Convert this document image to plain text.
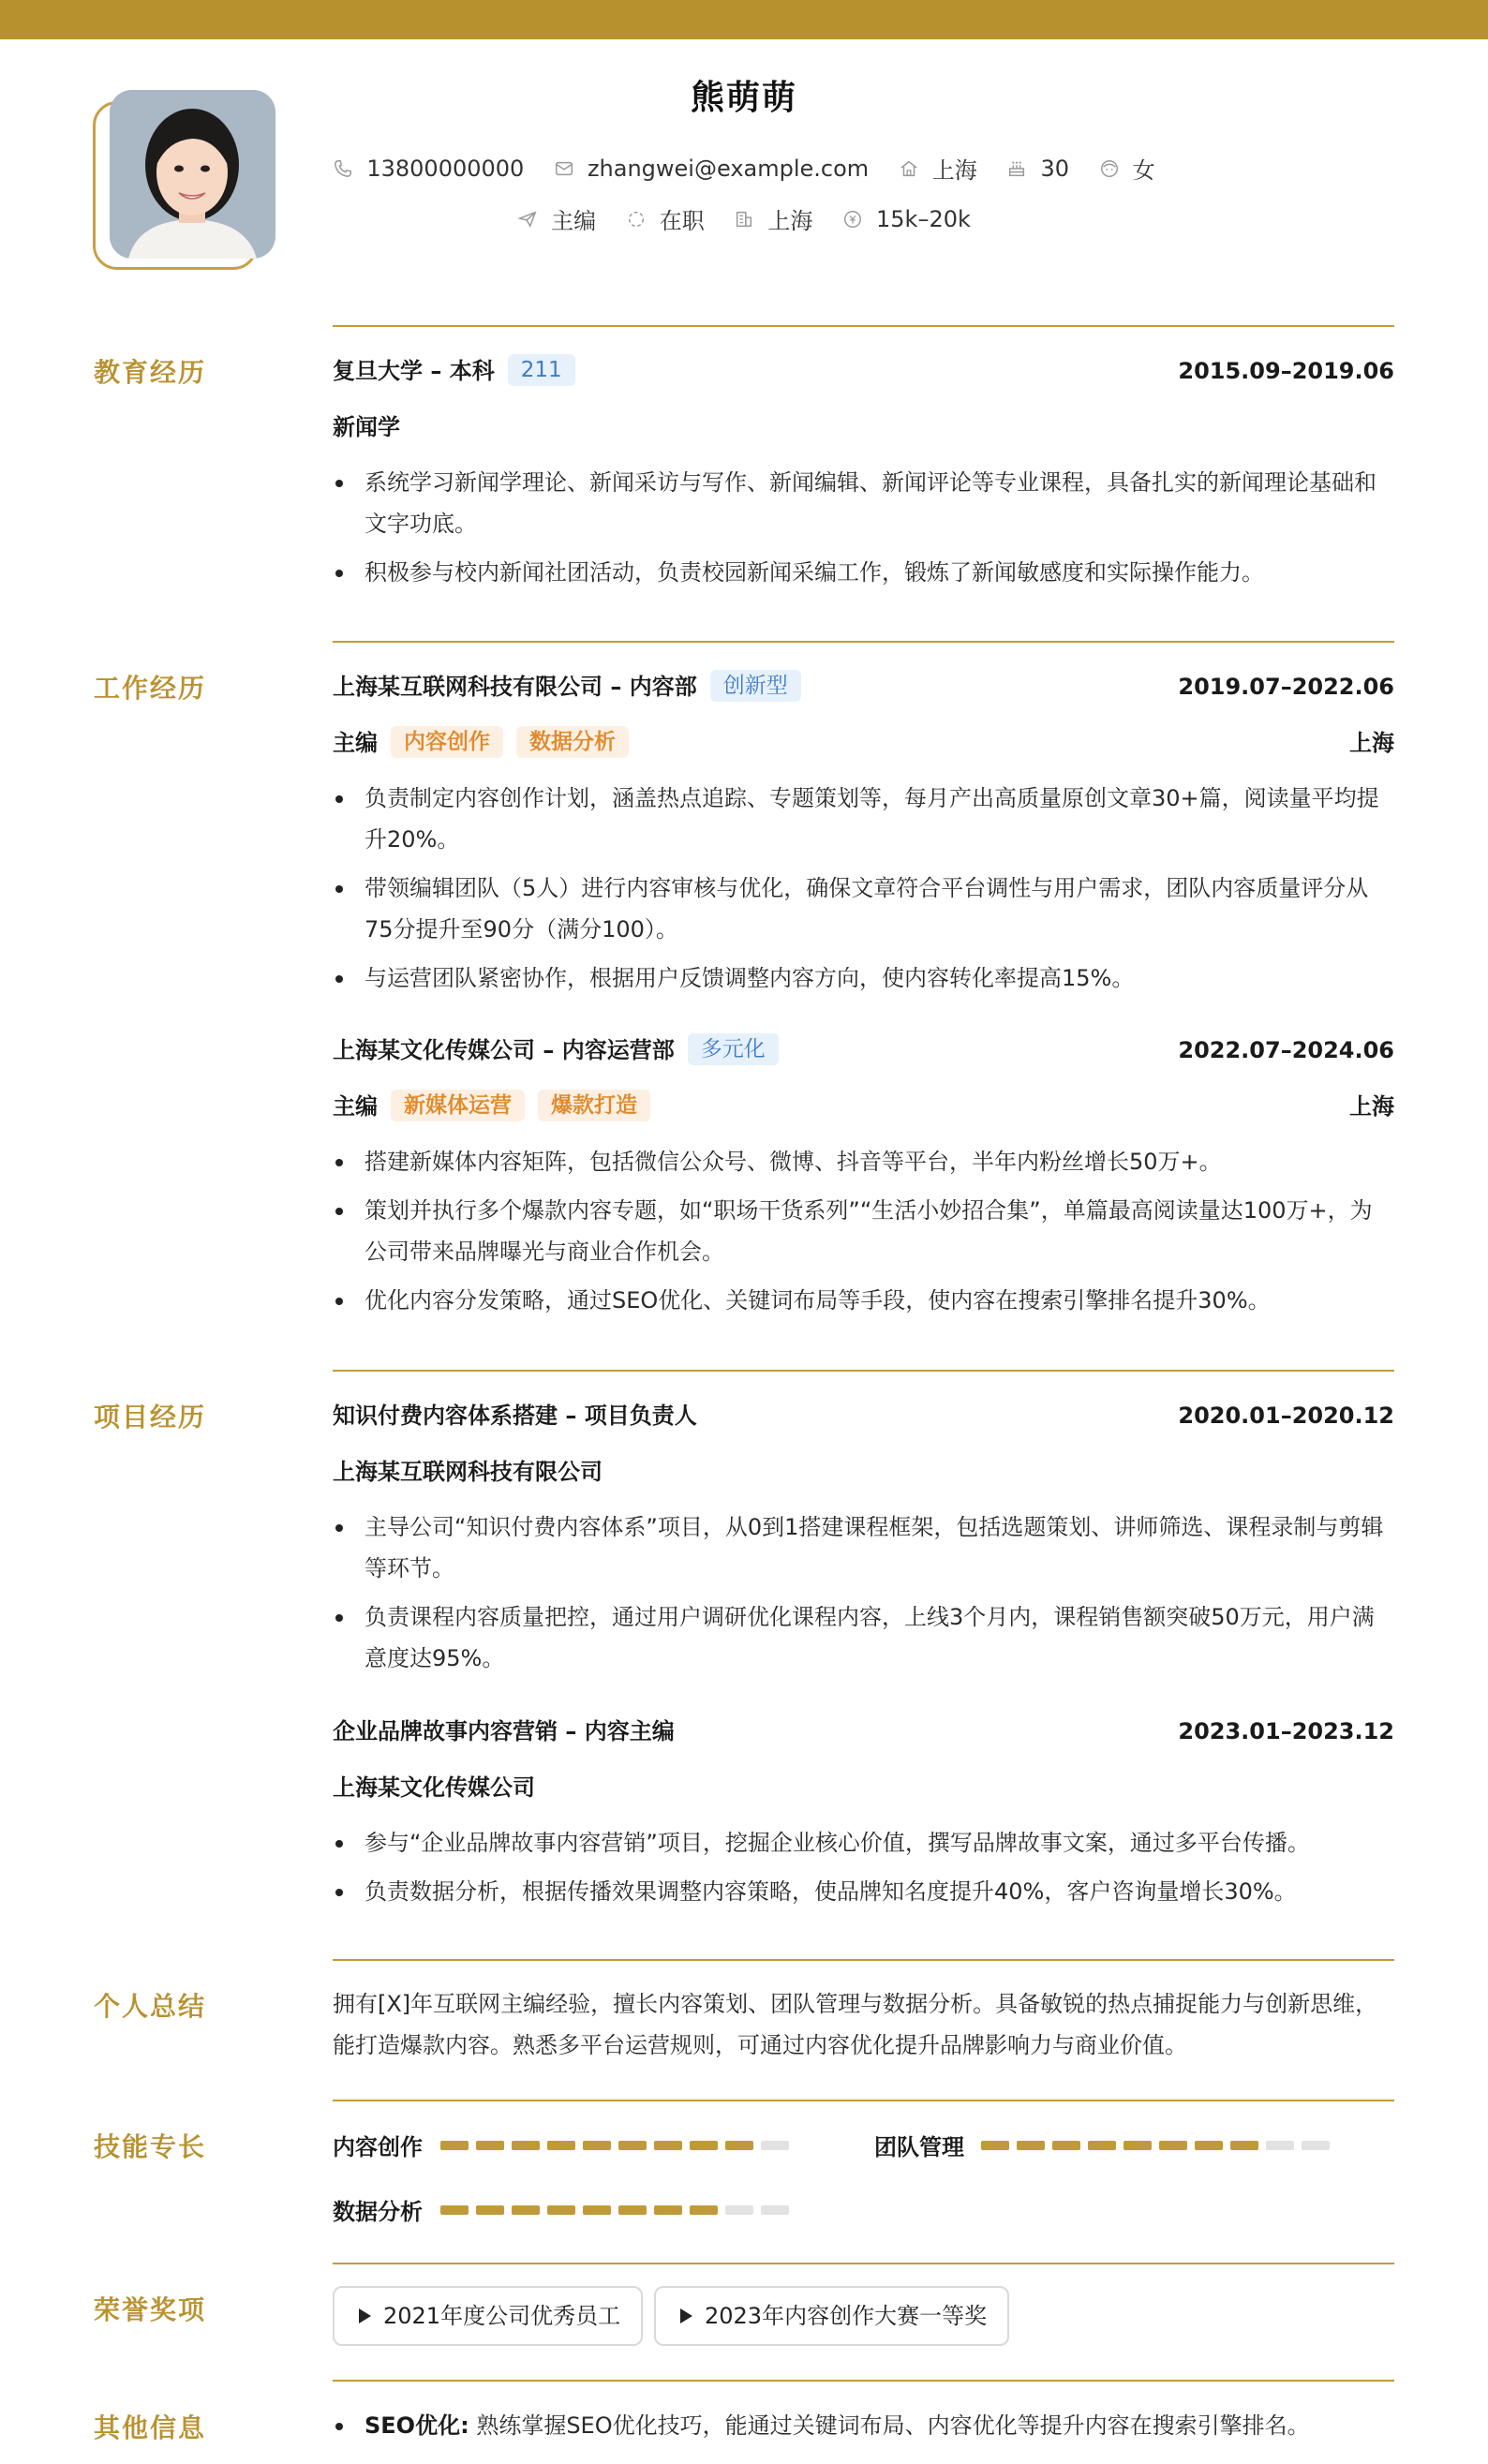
熊萌萌
13800000000
	zhangwei@example.com
	上海
	30
	女
主编
	在职
	上海
	15k–20k
教育经历	复旦大学 – 本科 211	2015.09–2019.06
新闻学
系统学习新闻学理论、新闻采访与写作、新闻编辑、新闻评论等专业课程，具备扎实的新闻理论基础和文字功底。
积极参与校内新闻社团活动，负责校园新闻采编工作，锻炼了新闻敏感度和实际操作能力。
工作经历	上海某互联网科技有限公司 – 内容部 创新型	2019.07–2022.06
主编 内容创作 数据分析	上海
负责制定内容创作计划，涵盖热点追踪、专题策划等，每月产出高质量原创文章30+篇，阅读量平均提升20%。
带领编辑团队（5人）进行内容审核与优化，确保文章符合平台调性与用户需求，团队内容质量评分从75分提升至90分（满分100）。
与运营团队紧密协作，根据用户反馈调整内容方向，使内容转化率提高15%。
上海某文化传媒公司 – 内容运营部 多元化	2022.07–2024.06
主编 新媒体运营 爆款打造	上海
搭建新媒体内容矩阵，包括微信公众号、微博、抖音等平台，半年内粉丝增长50万+。
策划并执行多个爆款内容专题，如“职场干货系列”“生活小妙招合集”，单篇最高阅读量达100万+，为公司带来品牌曝光与商业合作机会。
优化内容分发策略，通过SEO优化、关键词布局等手段，使内容在搜索引擎排名提升30%。
项目经历	知识付费内容体系搭建 – 项目负责人	2020.01–2020.12
上海某互联网科技有限公司
主导公司“知识付费内容体系”项目，从0到1搭建课程框架，包括选题策划、讲师筛选、课程录制与剪辑等环节。
负责课程内容质量把控，通过用户调研优化课程内容，上线3个月内，课程销售额突破50万元，用户满意度达95%。
企业品牌故事内容营销 – 内容主编	2023.01–2023.12
上海某文化传媒公司
参与“企业品牌故事内容营销”项目，挖掘企业核心价值，撰写品牌故事文案，通过多平台传播。
负责数据分析，根据传播效果调整内容策略，使品牌知名度提升40%，客户咨询量增长30%。
个人总结	拥有[X]年互联网主编经验，擅长内容策划、团队管理与数据分析。具备敏锐的热点捕捉能力与创新思维，能打造爆款内容。熟悉多平台运营规则，可通过内容优化提升品牌影响力与商业价值。
技能专长	内容创作	团队管理
数据分析
荣誉奖项	2021年度公司优秀员工	2023年内容创作大赛一等奖
其他信息	SEO优化: 熟练掌握SEO优化技巧，能通过关键词布局、内容优化等提升内容在搜索引擎排名。
